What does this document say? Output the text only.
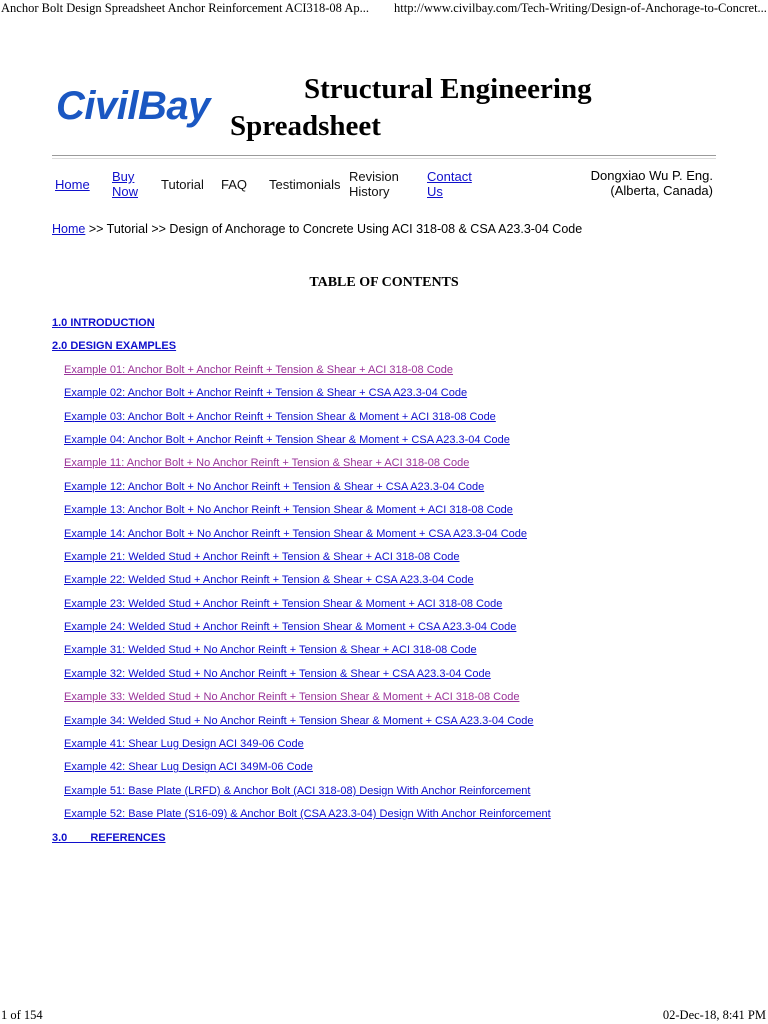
Anchor Bolt Design Spreadsheet Anchor Reinforcement ACI318-08 Ap... http://www.civilbay.com/Tech-Writing/Design-of-Anchorage-to-Concret...
CivilBay	Structural Engineering
Spreadsheet
Home
Buy
Now Tutorial FAQ Testimonials
Revision
History
Contact
Us
Dongxiao Wu P. Eng.
(Alberta, Canada)
Home >> Tutorial >> Design of Anchorage to Concrete Using ACI 318-08 & CSA A23.3-04 Code
TABLE OF CONTENTS
1.0 INTRODUCTION
2.0 DESIGN EXAMPLES
Example 01: Anchor Bolt + Anchor Reinft + Tension & Shear + ACI 318-08 Code
Example 02: Anchor Bolt + Anchor Reinft + Tension & Shear + CSA A23.3-04 Code
Example 03: Anchor Bolt + Anchor Reinft + Tension Shear & Moment + ACI 318-08 Code
Example 04: Anchor Bolt + Anchor Reinft + Tension Shear & Moment + CSA A23.3-04 Code
Example 11: Anchor Bolt + No Anchor Reinft + Tension & Shear + ACI 318-08 Code
Example 12: Anchor Bolt + No Anchor Reinft + Tension & Shear + CSA A23.3-04 Code
Example 13: Anchor Bolt + No Anchor Reinft + Tension Shear & Moment + ACI 318-08 Code
Example 14: Anchor Bolt + No Anchor Reinft + Tension Shear & Moment + CSA A23.3-04 Code
Example 21: Welded Stud + Anchor Reinft + Tension & Shear + ACI 318-08 Code
Example 22: Welded Stud + Anchor Reinft + Tension & Shear + CSA A23.3-04 Code
Example 23: Welded Stud + Anchor Reinft + Tension Shear & Moment + ACI 318-08 Code
Example 24: Welded Stud + Anchor Reinft + Tension Shear & Moment + CSA A23.3-04 Code
Example 31: Welded Stud + No Anchor Reinft + Tension & Shear + ACI 318-08 Code
Example 32: Welded Stud + No Anchor Reinft + Tension & Shear + CSA A23.3-04 Code
Example 33: Welded Stud + No Anchor Reinft + Tension Shear & Moment + ACI 318-08 Code
Example 34: Welded Stud + No Anchor Reinft + Tension Shear & Moment + CSA A23.3-04 Code
Example 41: Shear Lug Design ACI 349-06 Code
Example 42: Shear Lug Design ACI 349M-06 Code
Example 51: Base Plate (LRFD) & Anchor Bolt (ACI 318-08) Design With Anchor Reinforcement
Example 52: Base Plate (S16-09) & Anchor Bolt (CSA A23.3-04) Design With Anchor Reinforcement
3.0 REFERENCES
1 of 154	02-Dec-18, 8:41 PM
